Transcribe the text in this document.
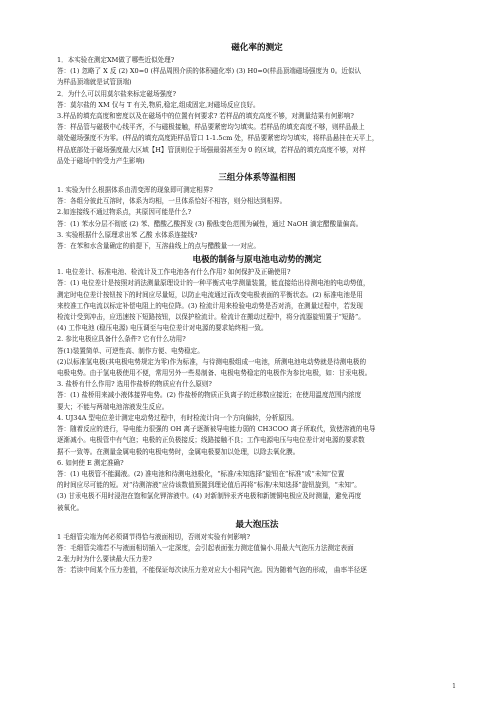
磁化率的测定

1．本实验在测定XM做了哪些近似处理?

答：(1) 忽略了 X 反 (2) X0=0 (样品周围介质的体积磁化率) (3) H0=0(样品顶端磁场强度为 0。近似认

为样品顶端就是试管顶端)

2．为什么可以用莫尔盐来标定磁场强度?

答：莫尔盐的 XM 仅与 T 有关,物质,稳定,组成固定,对磁场反应良好。

3.样品的填充高度和密度以及在磁场中的位置有何要求? 若样品的填充高度不够，对测量结果有何影响?

答：样品管与磁极中心线平齐，不与磁极接触，样品要紧密均匀填实。若样品的填充高度不够，则样品最上

端处磁场强度不为零。(样品的填充高度距样品管口 1-1.5cm 处，样品要紧密均匀填实，将样品悬挂在天平上，

样品底部处于磁场强度最大区域【H】管顶则位于场强最弱甚至为 0 的区域，若样品的填充高度不够，对样

品处于磁场中的受力产生影响)

三组分体系等温相图

1. 实验为什么根据体系由清变浑的现象即可测定相界?

答：各组分彼此互溶时，体系为均相，一旦体系恰好不相容，则分相达到相界。

2.如连接线不通过物系点，其原因可能是什么?

答：(1) 苯水分层不彻底 (2) 苯、醋酸乙酸挥发 (3) 酚酞变色范围为碱性，通过 NaOH 滴定醋酸量偏高。

3. 实验根据什么原理求出苯 乙酸 水体系连接线?

答：在苯和水含量确定的前提下，互溶曲线上的点与醋酸量一一对应。

电极的制备与原电池电动势的测定

1. 电位差计、标准电池、检流计及工作电池各有什么作用? 如何保护及正确使用?

答：(1) 电位差计是按照对消法测量原理设计的一种平衡式电学测量装置，能直接给出待测电池的电动势值，

测定时电位差计按钮按下的时间应尽量短，以防止电流通过而改变电极表面的平衡状态。(2) 标准电池是用

来校准工作电流以标定补偿电阻上的电位降。(3) 检流计用来检验电动势是否对消，在测量过程中，若发现

检流计受到冲击，应迅速按下短路按钮，以保护检流计。检流计在搬动过程中，将分流器旋钮置于“短路”。

(4) 工作电池 (稳压电源) 电压调至与电位差计对电源的要求始终相一致。

2. 参比电极应具备什么条件? 它有什么功用?

答(1)装置简单、可逆性高、制作方便、电势稳定。

(2)以标准氢电极(其电极电势规定为零)作为标准，与待测电极组成一电池，所测电池电动势就是待测电极的

电极电势。由于氢电极使用不便，常用另外一些易制备、电极电势稳定的电极作为参比电极，如：甘汞电极。

3. 盐桥有什么作用? 选用作盐桥的物质应有什么原则?

答：(1) 盐桥用来减小液体接界电势。(2) 作盐桥的物质正负离子的迁移数应接近；在使用温度范围内浓度

要大；不能与两端电池溶液发生反应。

4. UJ34A 型电位差计测定电动势过程中，有时检流计向一个方向偏转，分析原因。

答：随着反应的进行，导电能力很强的 OH 离子逐渐被导电能力弱的 CH3COO 离子所取代，致使溶液的电导

逐渐减小。电极管中有气泡；电极的正负极接反；线路接触不良；工作电源电压与电位差计对电源的要求数

据不一致等。在测量金属电极的电极电势时，金属电极要加以处理，以除去氧化膜。

6. 如何使 E 测定准确?

答：(1) 电极管不能漏液。(2) 准电池和待测电池极化，“标准/未知选择”旋钮在“标准”或“未知”位置

的时间应尽可能的短。对“待测溶液”应待该数值预置到理论值后再将“标准/未知选择”旋钮旋到，“未知”。

(3) 甘汞电极不用时浸泡在饱和氯化钾溶液中。(4) 对新制锌汞齐电极和新镀铜电极应及时测量，避免再度

被氧化。

最大泡压法

1 毛细管尖端为何必须调节得恰与液面相切，否则对实验有何影响?

答：毛细管尖端若不与液面相切插入一定深度，会引起表面张力测定值偏小.用最大气泡压力法测定表面

2.张力时为什么要读最大压力差?

答：若读中间某个压力差值，不能保证每次读压力差对应大小相同气泡。因为随着气泡的形成， 曲率半径逐

1
